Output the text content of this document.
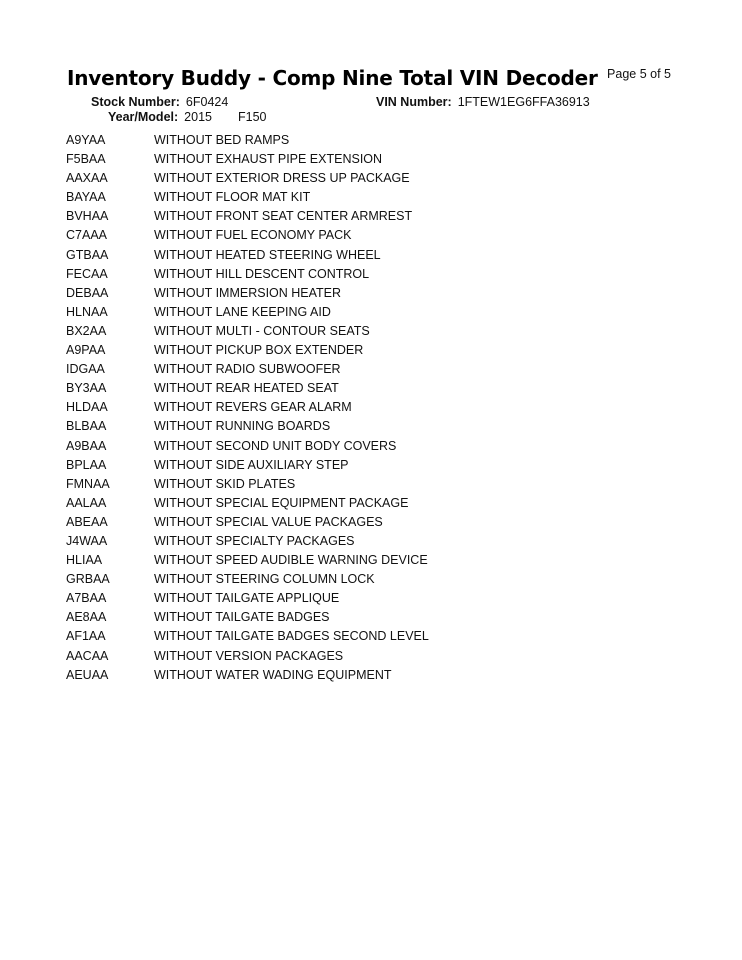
Inventory Buddy - Comp Nine Total VIN Decoder Page 5 of 5
Stock Number: 6F0424	VIN Number: 1FTEW1EG6FFA36913
Year/Model: 2015 F150
A9YAA	WITHOUT BED RAMPS
F5BAA	WITHOUT EXHAUST PIPE EXTENSION
AAXAA	WITHOUT EXTERIOR DRESS UP PACKAGE
BAYAA	WITHOUT FLOOR MAT KIT
BVHAA	WITHOUT FRONT SEAT CENTER ARMREST
C7AAA	WITHOUT FUEL ECONOMY PACK
GTBAA	WITHOUT HEATED STEERING WHEEL
FECAA	WITHOUT HILL DESCENT CONTROL
DEBAA	WITHOUT IMMERSION HEATER
HLNAA	WITHOUT LANE KEEPING AID
BX2AA	WITHOUT MULTI - CONTOUR SEATS
A9PAA	WITHOUT PICKUP BOX EXTENDER
IDGAA	WITHOUT RADIO SUBWOOFER
BY3AA	WITHOUT REAR HEATED SEAT
HLDAA	WITHOUT REVERS GEAR ALARM
BLBAA	WITHOUT RUNNING BOARDS
A9BAA	WITHOUT SECOND UNIT BODY COVERS
BPLAA	WITHOUT SIDE AUXILIARY STEP
FMNAA	WITHOUT SKID PLATES
AALAA	WITHOUT SPECIAL EQUIPMENT PACKAGE
ABEAA	WITHOUT SPECIAL VALUE PACKAGES
J4WAA	WITHOUT SPECIALTY PACKAGES
HLIAA	WITHOUT SPEED AUDIBLE WARNING DEVICE
GRBAA	WITHOUT STEERING COLUMN LOCK
A7BAA	WITHOUT TAILGATE APPLIQUE
AE8AA	WITHOUT TAILGATE BADGES
AF1AA	WITHOUT TAILGATE BADGES SECOND LEVEL
AACAA	WITHOUT VERSION PACKAGES
AEUAA	WITHOUT WATER WADING EQUIPMENT
